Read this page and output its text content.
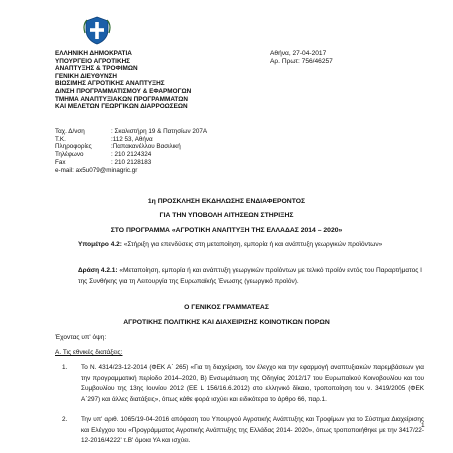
ΕΛΛΗΝΙΚΗ ΔΗΜΟΚΡΑΤΙΑ
ΥΠΟΥΡΓΕΙΟ ΑΓΡΟΤΙΚΗΣ
ΑΝΑΠΤΥΞΗΣ & ΤΡΟΦΙΜΩΝ
ΓΕΝΙΚΗ ΔΙΕΥΘΥΝΣΗ
ΒΙΩΣΙΜΗΣ ΑΓΡΟΤΙΚΗΣ ΑΝΑΠΤΥΞΗΣ
Δ/ΝΣΗ ΠΡΟΓΡΑΜΜΑΤΙΣΜΟΥ & ΕΦΑΡΜΟΓΩΝ
ΤΜΗΜΑ ΑΝΑΠΤΥΞΙΑΚΩΝ ΠΡΟΓΡΑΜΜΑΤΩΝ
ΚΑΙ ΜΕΛΕΤΩΝ ΓΕΩΡΓΙΚΩΝ ΔΙΑΡΡΟΩΣΕΩΝ
Αθήνα, 27-04-2017
Αρ. Πρωτ: 756/46257
Ταχ. Δ/νση	: Σκαλιστήρη 19 & Πατησίων 207Α
Τ.Κ.	:112 53, Αθήνα
Πληροφορίες	:Παπακανέλλου Βασιλική
Τηλέφωνο	: 210 2124324
Fax	: 210 2128183
e-mail: ax5u079@minagric.gr
1η ΠΡΟΣΚΛΗΣΗ ΕΚΔΗΛΩΣΗΣ ΕΝΔΙΑΦΕΡΟΝΤΟΣ
ΓΙΑ ΤΗΝ ΥΠΟΒΟΛΗ ΑΙΤΗΣΕΩΝ ΣΤΗΡΙΞΗΣ
ΣΤΟ ΠΡΟΓΡΑΜΜΑ «ΑΓΡΟΤΙΚΗ ΑΝΑΠΤΥΞΗ ΤΗΣ ΕΛΛΑΔΑΣ 2014 – 2020»
Υπομέτρο 4.2: «Στήριξη για επενδύσεις στη μεταποίηση, εμπορία ή και ανάπτυξη γεωργικών προϊόντων»
Δράση 4.2.1: «Μεταποίηση, εμπορία ή και ανάπτυξη γεωργικών προϊόντων με τελικό προϊόν εντός του Παραρτήματος Ι της Συνθήκης για τη Λειτουργία της Ευρωπαϊκής Ένωσης (γεωργικό προϊόν).
Ο ΓΕΝΙΚΟΣ ΓΡΑΜΜΑΤΕΑΣ
ΑΓΡΟΤΙΚΗΣ ΠΟΛΙΤΙΚΗΣ ΚΑΙ ΔΙΑΧΕΙΡΙΣΗΣ ΚΟΙΝΟΤΙΚΩΝ ΠΟΡΩΝ
Έχοντας υπ' όψη:
Α. Τις εθνικές διατάξεις:
1. Το Ν. 4314/23-12-2014 (ΦΕΚ Α΄ 265) «Για τη διαχείριση, τον έλεγχο και την εφαρμογή αναπτυξιακών παρεμβάσεων για την προγραμματική περίοδο 2014–2020, Β) Ενσωμάτωση της Οδηγίας 2012/17 του Ευρωπαϊκού Κοινοβουλίου και του Συμβουλίου της 13ης Ιουνίου 2012 (ΕΕ L 156/16.6.2012) στο ελληνικό δίκαιο, τροποποίηση του ν. 3419/2005 (ΦΕΚ Α΄297) και άλλες διατάξεις», όπως κάθε φορά ισχύει και ειδικότερα το άρθρο 66, παρ.1.
2. Την υπ' αριθ. 1065/19-04-2016 απόφαση του Υπουργού Αγροτικής Ανάπτυξης και Τροφίμων για το Σύστημα Διαχείρισης και Ελέγχου του «Προγράμματος Αγροτικής Ανάπτυξης της Ελλάδας 2014- 2020», όπως τροποποιήθηκε με την 3417/22-12-2016/4222' τ.Β' όμοια ΥΑ και ισχύει.
1
